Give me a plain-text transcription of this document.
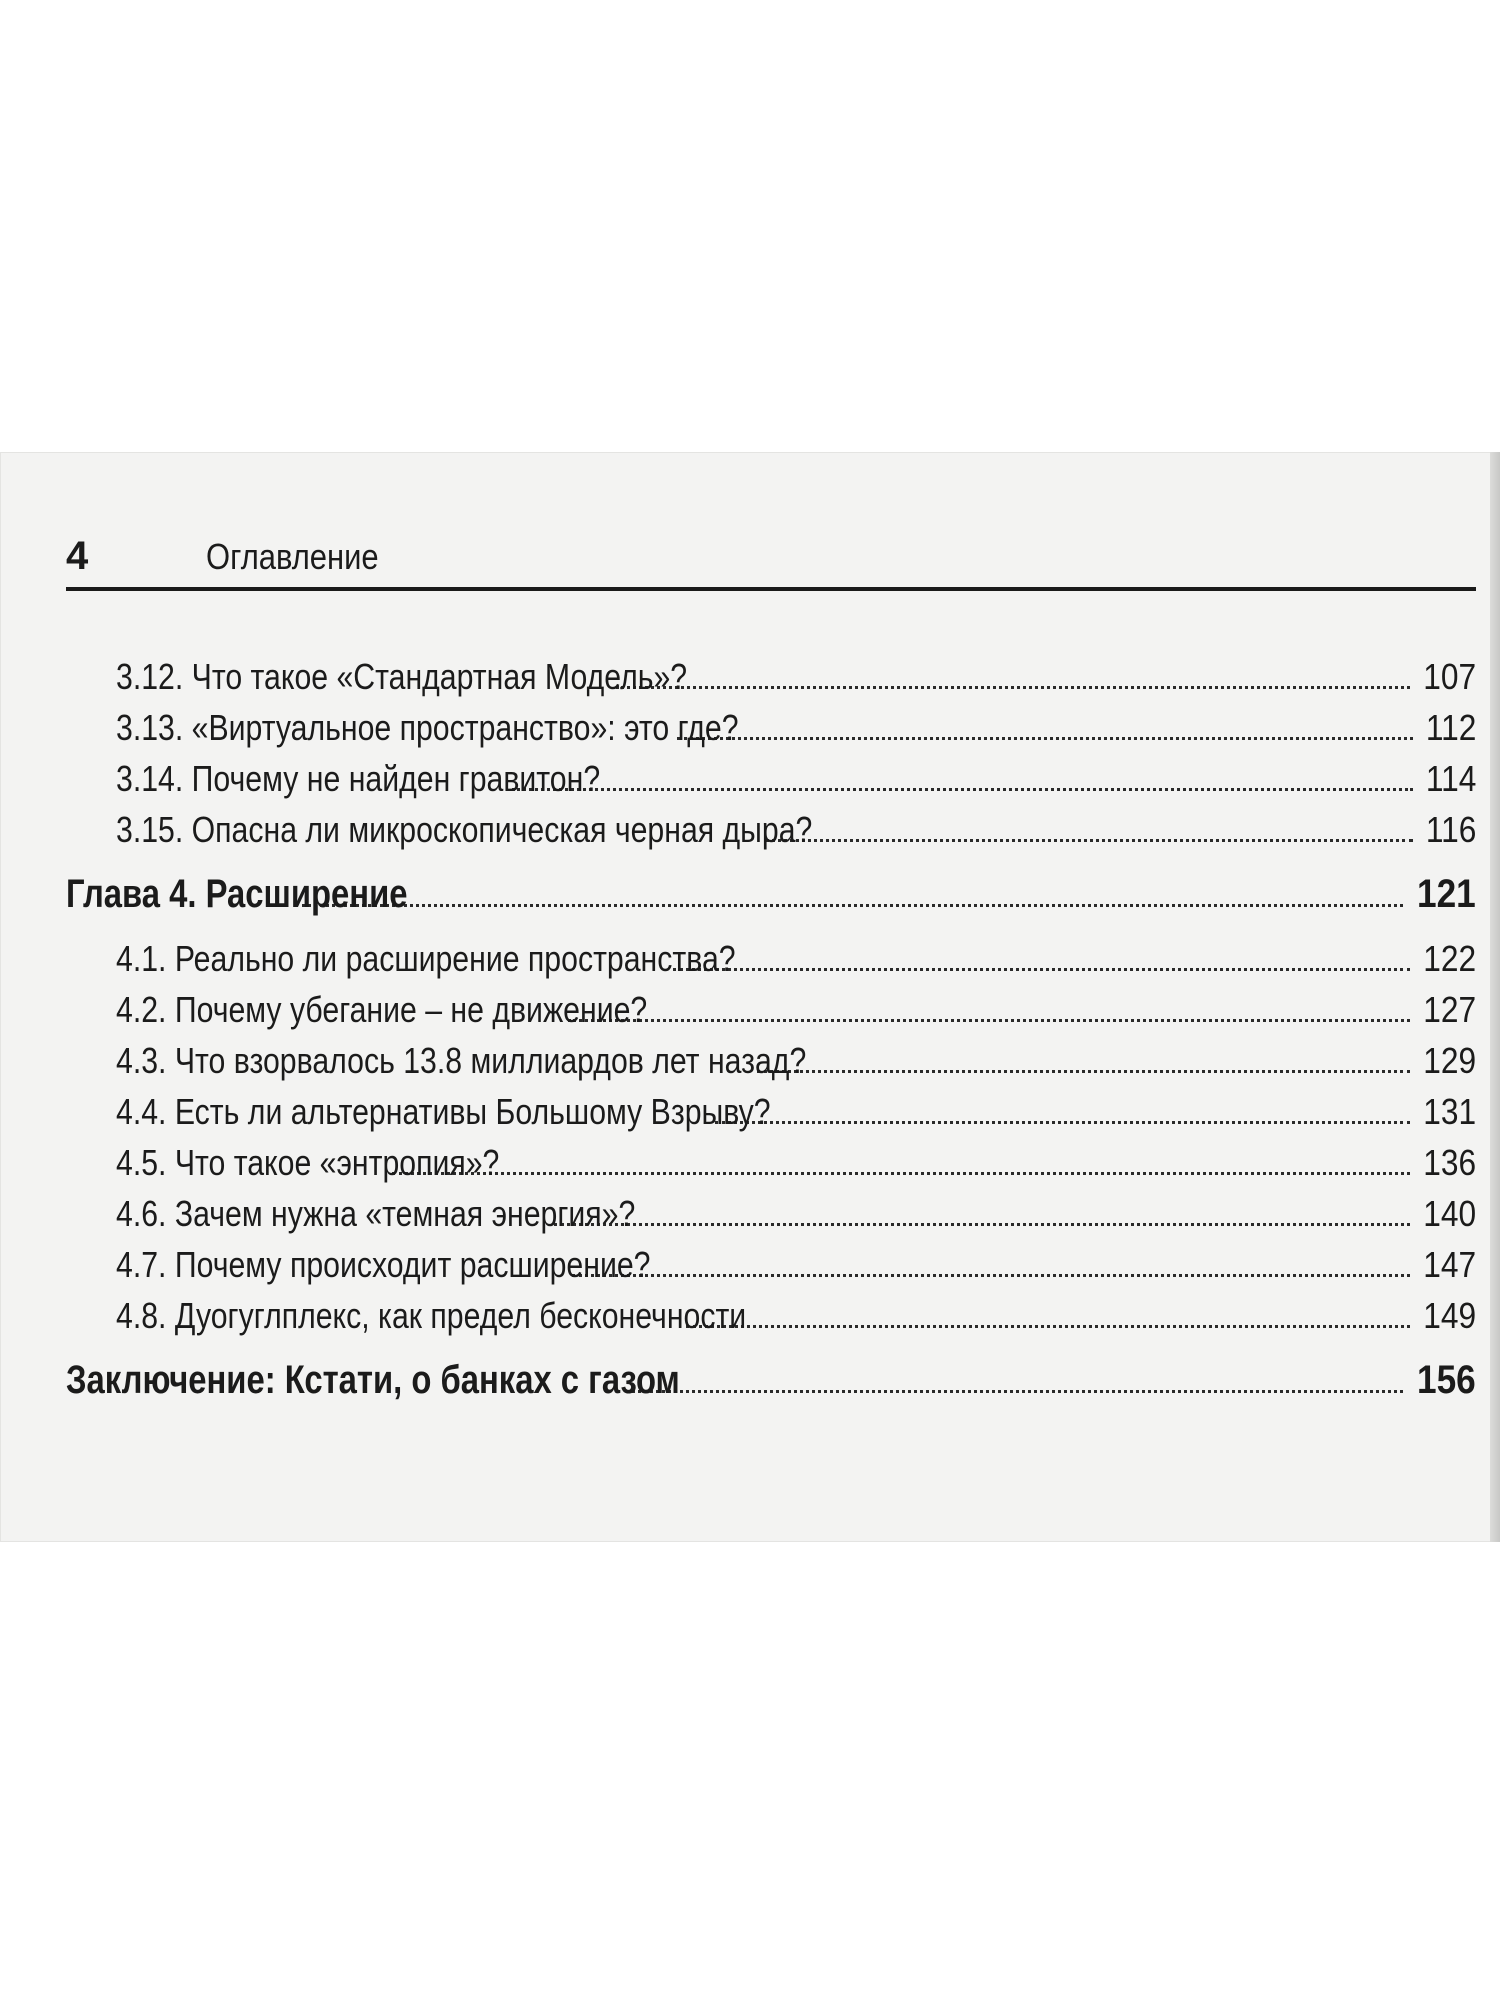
4	Оглавление
3.12. Что такое «Стандартная Модель»?	107
3.13. «Виртуальное пространство»: это где?	112
3.14. Почему не найден гравитон?	114
3.15. Опасна ли микроскопическая черная дыра?	116
Глава 4. Расширение	121
4.1. Реально ли расширение пространства?	122
4.2. Почему убегание – не движение?	127
4.3. Что взорвалось 13.8 миллиардов лет назад?	129
4.4. Есть ли альтернативы Большому Взрыву?	131
4.5. Что такое «энтропия»?	136
4.6. Зачем нужна «темная энергия»?	140
4.7. Почему происходит расширение?	147
4.8. Дуогуглплекс, как предел бесконечности	149
Заключение: Кстати, о банках с газом	156
